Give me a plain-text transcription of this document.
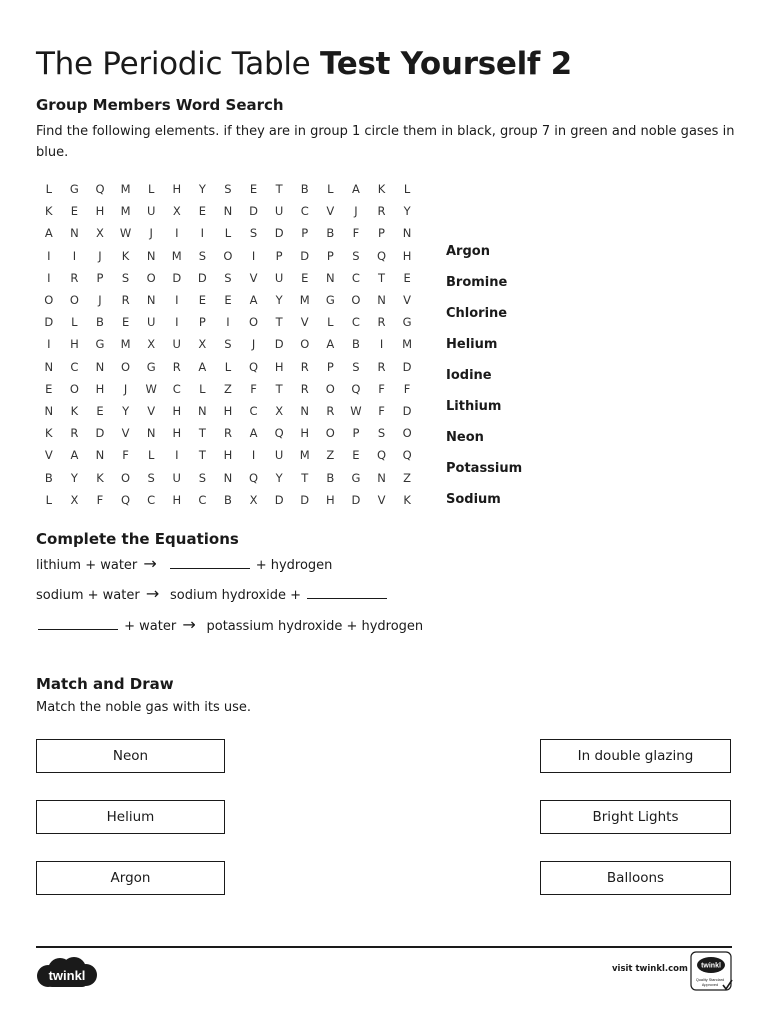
The Periodic Table Test Yourself 2
Group Members Word Search

Find the following elements. if they are in group 1 circle them in black, group 7 in green and noble gases in blue.

L	G	Q	M	L	H	Y	S	E	T	B	L	A	K	L
K	E	H	M	U	X	E	N	D	U	C	V	J	R	Y
A	N	X	W	J	I	I	L	S	D	P	B	F	P	N
I	I	J	K	N	M	S	O	I	P	D	P	S	Q	H
I	R	P	S	O	D	D	S	V	U	E	N	C	T	E
O	O	J	R	N	I	E	E	A	Y	M	G	O	N	V
D	L	B	E	U	I	P	I	O	T	V	L	C	R	G
I	H	G	M	X	U	X	S	J	D	O	A	B	I	M
N	C	N	O	G	R	A	L	Q	H	R	P	S	R	D
E	O	H	J	W	C	L	Z	F	T	R	O	Q	F	F
N	K	E	Y	V	H	N	H	C	X	N	R	W	F	D
K	R	D	V	N	H	T	R	A	Q	H	O	P	S	O
V	A	N	F	L	I	T	H	I	U	M	Z	E	Q	Q
B	Y	K	O	S	U	S	N	Q	Y	T	B	G	N	Z
L	X	F	Q	C	H	C	B	X	D	D	H	D	V	K
Argon
Bromine
Chlorine
Helium
Iodine
Lithium
Neon
Potassium
Sodium
Complete the Equations
lithium + water →	+ hydrogen
sodium + water → sodium hydroxide +
+ water → potassium hydroxide + hydrogen
Match and Draw

Match the noble gas with its use.

Neon
Helium
Argon
In double glazing
Bright Lights
Balloons
twinkl	visit twinkl.com twinkl
Quality Standard
Approved
